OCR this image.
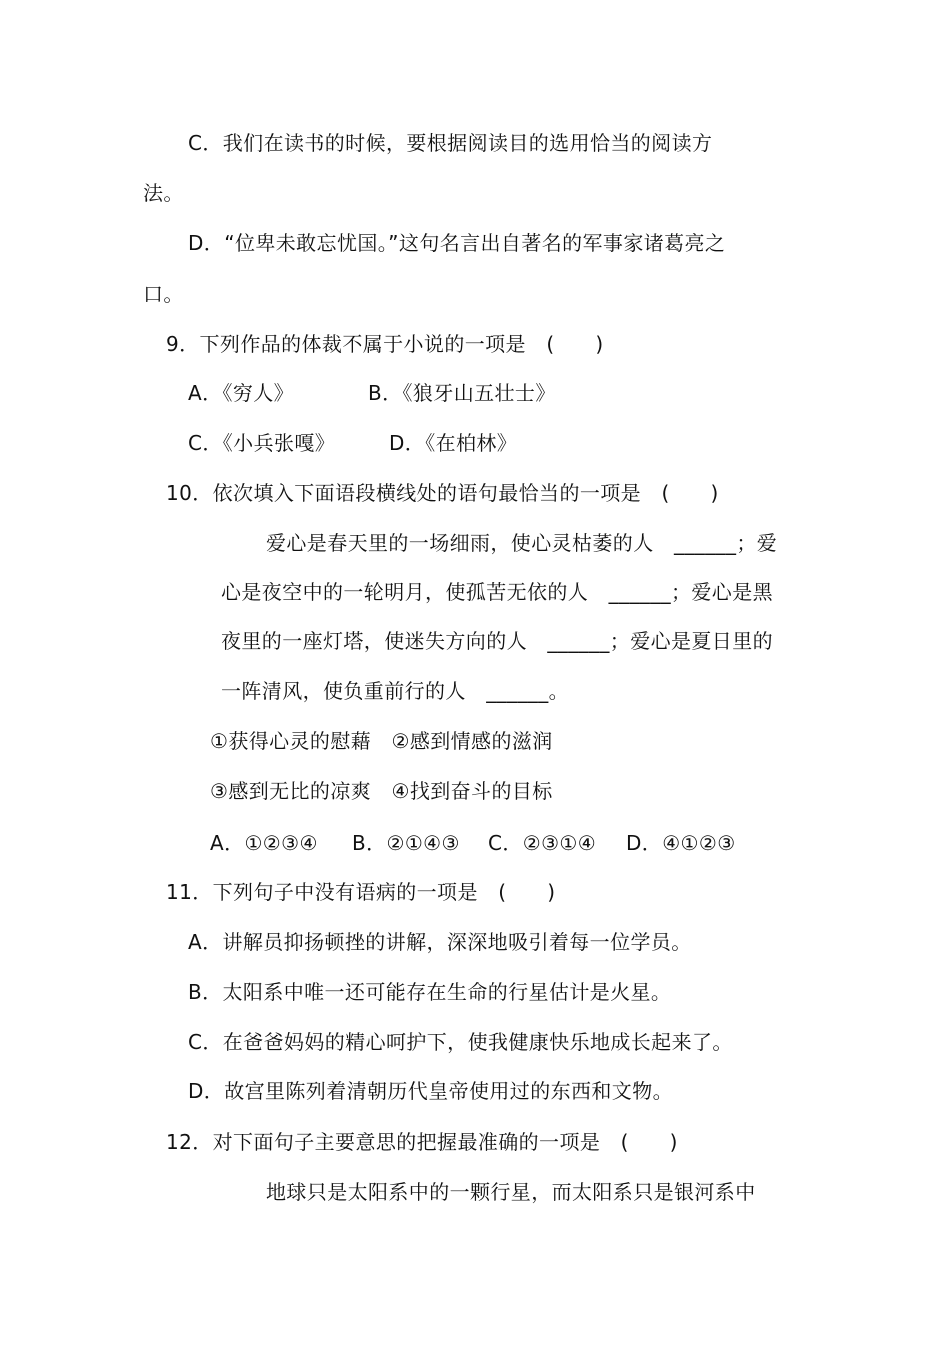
C．我们在读书的时候，要根据阅读目的选用恰当的阅读方
法。
D．“位卑未敢忘忧国。”这句名言出自著名的军事家诸葛亮之
口。
9．下列作品的体裁不属于小说的一项是　(　　)
A．《穷人》	B．《狼牙山五壮士》
C．《小兵张嘎》	D．《在柏林》
10．依次填入下面语段横线处的语句最恰当的一项是　(　　)
爱心是春天里的一场细雨，使心灵枯萎的人　______；爱
心是夜空中的一轮明月，使孤苦无依的人　______；爱心是黑
夜里的一座灯塔，使迷失方向的人　______；爱心是夏日里的
一阵清风，使负重前行的人　______。
①获得心灵的慰藉　②感到情感的滋润
③感到无比的凉爽　④找到奋斗的目标
A．①②③④ B．②①④③ C．②③①④ D．④①②③
11．下列句子中没有语病的一项是　(　　)
A．讲解员抑扬顿挫的讲解，深深地吸引着每一位学员。
B．太阳系中唯一还可能存在生命的行星估计是火星。
C．在爸爸妈妈的精心呵护下，使我健康快乐地成长起来了。
D．故宫里陈列着清朝历代皇帝使用过的东西和文物。
12．对下面句子主要意思的把握最准确的一项是　(　　)
地球只是太阳系中的一颗行星，而太阳系只是银河系中
